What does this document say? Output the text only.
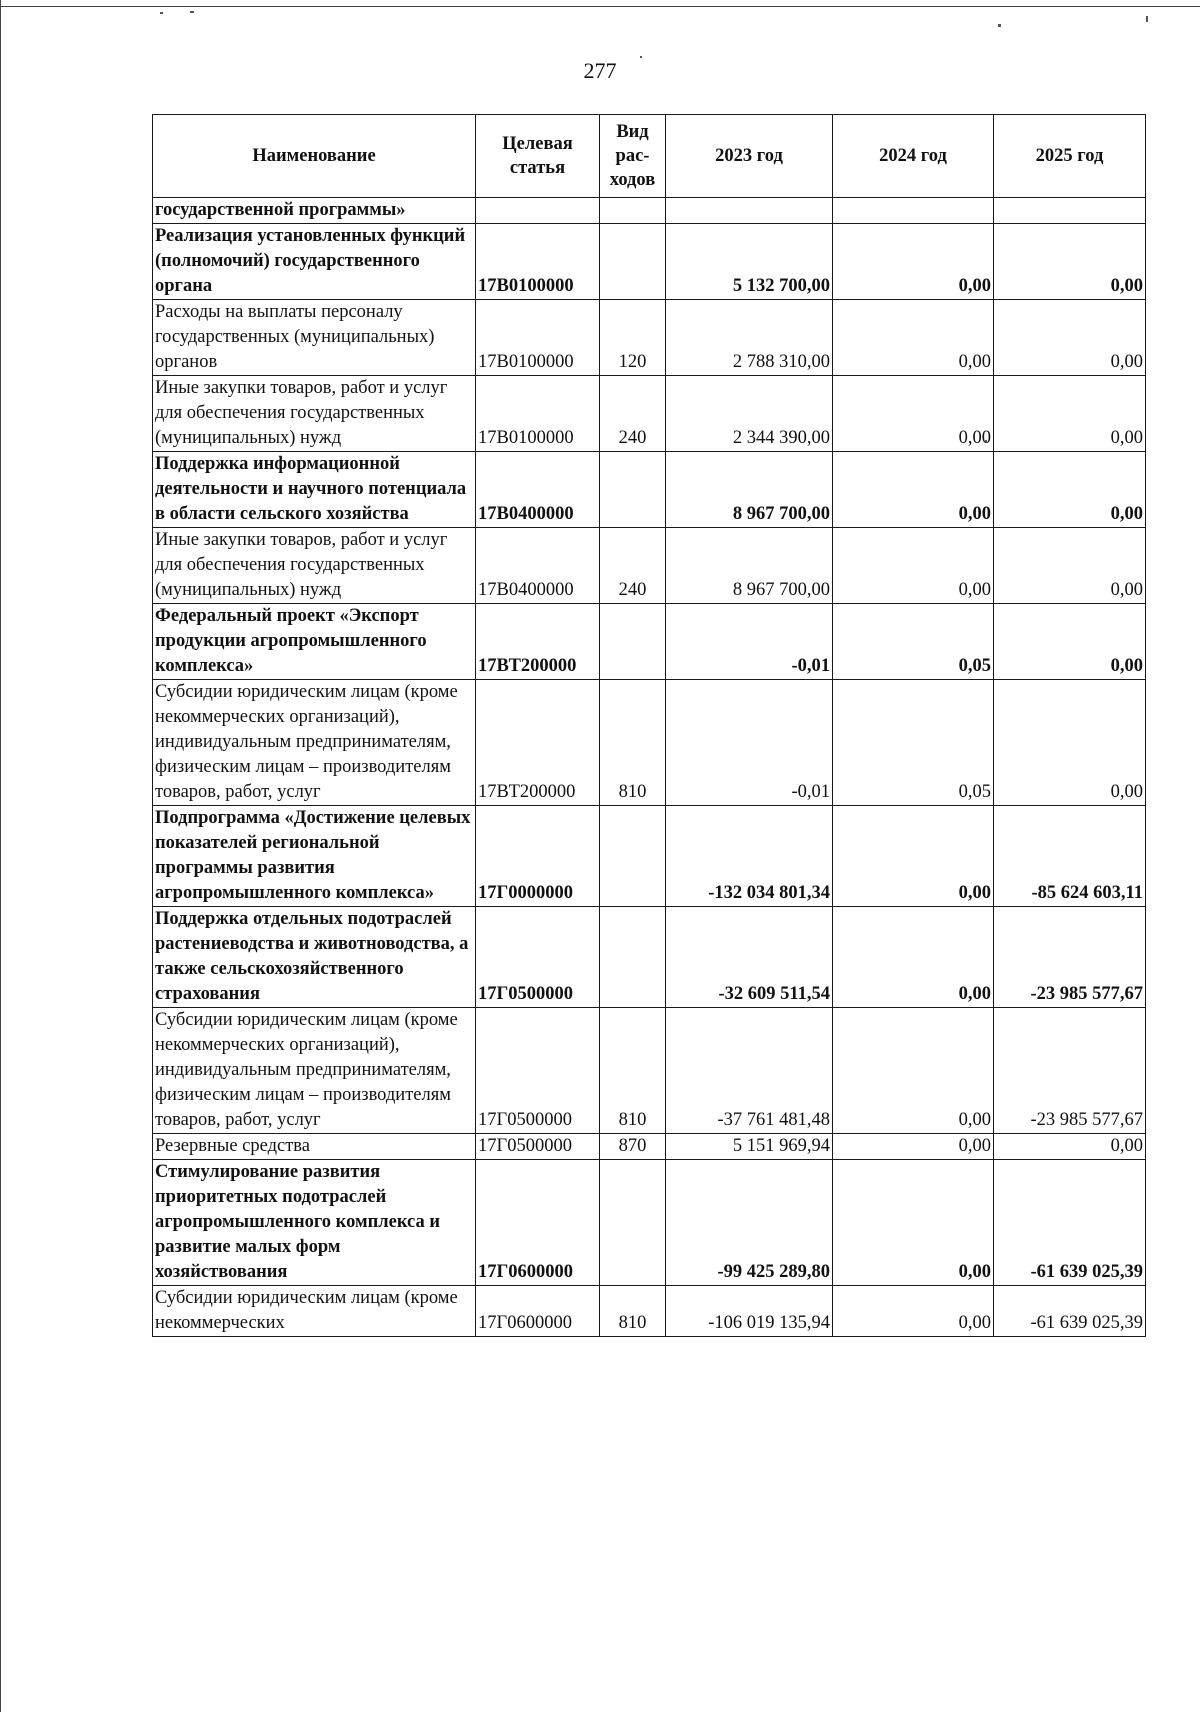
277
Наименование	Целевая статья	Вид рас- ходов	2023 год	2024 год	2025 год
государственной программы»					
Реализация установленных функций (полномочий) государственного органа	17В0100000		5 132 700,00	0,00	0,00
Расходы на выплаты персоналу государственных (муниципальных) органов	17В0100000	120	2 788 310,00	0,00	0,00
Иные закупки товаров, работ и услуг для обеспечения государственных (муниципальных) нужд	17В0100000	240	2 344 390,00	0,00	0,00
Поддержка информационной деятельности и научного потенциала в области сельского хозяйства	17В0400000		8 967 700,00	0,00	0,00
Иные закупки товаров, работ и услуг для обеспечения государственных (муниципальных) нужд	17В0400000	240	8 967 700,00	0,00	0,00
Федеральный проект «Экспорт продукции агропромышленного комплекса»	17ВТ200000		-0,01	0,05	0,00
Субсидии юридическим лицам (кроме некоммерческих организаций), индивидуальным предпринимателям, физическим лицам – производителям товаров, работ, услуг	17ВТ200000	810	-0,01	0,05	0,00
Подпрограмма «Достижение целевых показателей региональной программы развития агропромышленного комплекса»	17Г0000000		-132 034 801,34	0,00	-85 624 603,11
Поддержка отдельных подотраслей растениеводства и животноводства, а также сельскохозяйственного страхования	17Г0500000		-32 609 511,54	0,00	-23 985 577,67
Субсидии юридическим лицам (кроме некоммерческих организаций), индивидуальным предпринимателям, физическим лицам – производителям товаров, работ, услуг	17Г0500000	810	-37 761 481,48	0,00	-23 985 577,67
Резервные средства	17Г0500000	870	5 151 969,94	0,00	0,00
Стимулирование развития приоритетных подотраслей агропромышленного комплекса и развитие малых форм хозяйствования	17Г0600000		-99 425 289,80	0,00	-61 639 025,39
Субсидии юридическим лицам (кроме некоммерческих	17Г0600000	810	-106 019 135,94	0,00	-61 639 025,39
